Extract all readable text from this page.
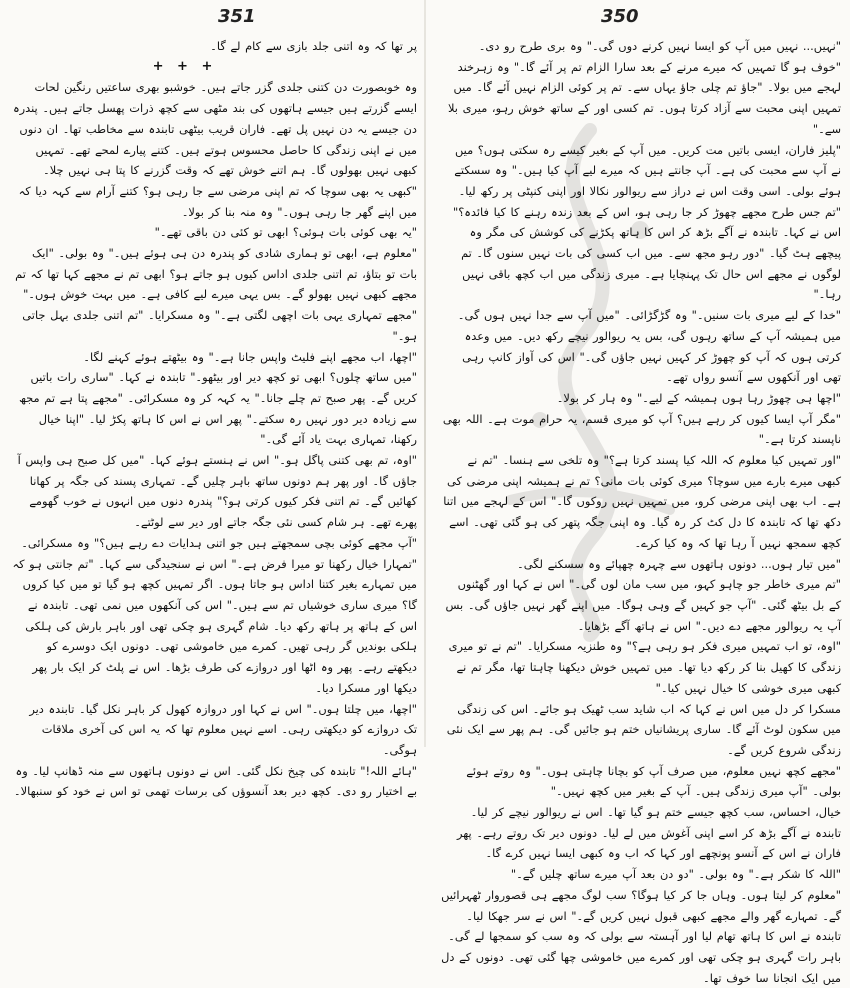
351

پر تھا کہ وہ اتنی جلد بازی سے کام لے گا۔

+ + +

وہ خوبصورت دن کتنی جلدی گزر جاتے ہیں۔ خوشبو بھری ساعتیں رنگین لحات ایسے گزرتے ہیں جیسے ہاتھوں کی بند مٹھی سے کچھ ذرات پھسل جاتے ہیں۔ پندرہ دن جیسے یہ دن نہیں پل تھے۔ فاران قریب بیٹھی تابندہ سے مخاطب تھا۔ ان دنوں میں نے اپنی زندگی کا حاصل محسوس ہوتے ہیں۔ کتنے پیارے لمحے تھے۔ تمہیں کبھی نہیں بھولوں گا۔ ہم اتنے خوش تھے کہ وقت گزرنے کا پتا ہی نہیں چلا۔

"کبھی یہ بھی سوچا کہ تم اپنی مرضی سے جا رہی ہو؟ کتنے آرام سے کہہ دیا کہ میں اپنے گھر جا رہی ہوں۔" وہ منہ بنا کر بولا۔

"یہ بھی کوئی بات ہوئی؟ ابھی تو کئی دن باقی تھے۔"

"معلوم ہے، ابھی تو ہماری شادی کو پندرہ دن ہی ہوئے ہیں۔" وہ بولی۔ "ایک بات تو بتاؤ، تم اتنی جلدی اداس کیوں ہو جاتے ہو؟ ابھی تم نے مجھے کہا تھا کہ تم مجھے کبھی نہیں بھولو گے۔ بس یہی میرے لیے کافی ہے۔ میں بہت خوش ہوں۔"

"مجھے تمہاری یہی بات اچھی لگتی ہے۔" وہ مسکرایا۔ "تم اتنی جلدی بہل جاتی ہو۔"

"اچھا، اب مجھے اپنے فلیٹ واپس جانا ہے۔" وہ بیٹھتے ہوئے کہنے لگا۔

"میں ساتھ چلوں؟ ابھی تو کچھ دیر اور بیٹھو۔" تابندہ نے کہا۔ "ساری رات باتیں کریں گے۔ پھر صبح تم چلے جانا۔" یہ کہہ کر وہ مسکرائی۔ "مجھے پتا ہے تم مجھ سے زیادہ دیر دور نہیں رہ سکتے۔" پھر اس نے اس کا ہاتھ پکڑ لیا۔ "اپنا خیال رکھنا، تمہاری بہت یاد آئے گی۔"

"اوہ، تم بھی کتنی پاگل ہو۔" اس نے ہنستے ہوئے کہا۔ "میں کل صبح ہی واپس آ جاؤں گا۔ اور پھر ہم دونوں ساتھ باہر چلیں گے۔ تمہاری پسند کی جگہ پر کھانا کھائیں گے۔ تم اتنی فکر کیوں کرتی ہو؟" پندرہ دنوں میں انہوں نے خوب گھومے پھرے تھے۔ ہر شام کسی نئی جگہ جاتے اور دیر سے لوٹتے۔

"آپ مجھے کوئی بچی سمجھتے ہیں جو اتنی ہدایات دے رہے ہیں؟" وہ مسکرائی۔

"تمہارا خیال رکھنا تو میرا فرض ہے۔" اس نے سنجیدگی سے کہا۔ "تم جانتی ہو کہ میں تمہارے بغیر کتنا اداس ہو جاتا ہوں۔ اگر تمہیں کچھ ہو گیا تو میں کیا کروں گا؟ میری ساری خوشیاں تم سے ہیں۔" اس کی آنکھوں میں نمی تھی۔ تابندہ نے اس کے ہاتھ پر ہاتھ رکھ دیا۔ شام گہری ہو چکی تھی اور باہر بارش کی ہلکی ہلکی بوندیں گر رہی تھیں۔ کمرے میں خاموشی تھی۔ دونوں ایک دوسرے کو دیکھتے رہے۔ پھر وہ اٹھا اور دروازے کی طرف بڑھا۔ اس نے پلٹ کر ایک بار پھر دیکھا اور مسکرا دیا۔

"اچھا، میں چلتا ہوں۔" اس نے کہا اور دروازہ کھول کر باہر نکل گیا۔ تابندہ دیر تک دروازے کو دیکھتی رہی۔ اسے نہیں معلوم تھا کہ یہ اس کی آخری ملاقات ہوگی۔

"ہائے اللہ!" تابندہ کی چیخ نکل گئی۔ اس نے دونوں ہاتھوں سے منہ ڈھانپ لیا۔ وہ بے اختیار رو دی۔ کچھ دیر بعد آنسوؤں کی برسات تھمی تو اس نے خود کو سنبھالا۔

350

"نہیں... نہیں میں آپ کو ایسا نہیں کرنے دوں گی۔" وہ بری طرح رو دی۔

"خوف ہو گا تمہیں کہ میرے مرنے کے بعد سارا الزام تم پر آئے گا۔" وہ زہرخند لہجے میں بولا۔ "جاؤ تم چلی جاؤ یہاں سے۔ تم پر کوئی الزام نہیں آئے گا۔ میں تمہیں اپنی محبت سے آزاد کرتا ہوں۔ تم کسی اور کے ساتھ خوش رہو، میری بلا سے۔"

"پلیز فاران، ایسی باتیں مت کریں۔ میں آپ کے بغیر کیسے رہ سکتی ہوں؟ میں نے آپ سے محبت کی ہے۔ آپ جانتے ہیں کہ میرے لیے آپ کیا ہیں۔" وہ سسکتے ہوئے بولی۔ اسی وقت اس نے دراز سے ریوالور نکالا اور اپنی کنپٹی پر رکھ لیا۔

"تم جس طرح مجھے چھوڑ کر جا رہی ہو، اس کے بعد زندہ رہنے کا کیا فائدہ؟" اس نے کہا۔ تابندہ نے آگے بڑھ کر اس کا ہاتھ پکڑنے کی کوشش کی مگر وہ پیچھے ہٹ گیا۔ "دور رہو مجھ سے۔ میں اب کسی کی بات نہیں سنوں گا۔ تم لوگوں نے مجھے اس حال تک پہنچایا ہے۔ میری زندگی میں اب کچھ باقی نہیں رہا۔"

"خدا کے لیے میری بات سنیں۔" وہ گڑگڑائی۔ "میں آپ سے جدا نہیں ہوں گی۔ میں ہمیشہ آپ کے ساتھ رہوں گی، بس یہ ریوالور نیچے رکھ دیں۔ میں وعدہ کرتی ہوں کہ آپ کو چھوڑ کر کہیں نہیں جاؤں گی۔" اس کی آواز کانپ رہی تھی اور آنکھوں سے آنسو رواں تھے۔

"اچھا ہی چھوڑ رہا ہوں ہمیشہ کے لیے۔" وہ ہار کر بولا۔

"مگر آپ ایسا کیوں کر رہے ہیں؟ آپ کو میری قسم، یہ حرام موت ہے۔ اللہ بھی ناپسند کرتا ہے۔"

"اور تمہیں کیا معلوم کہ اللہ کیا پسند کرتا ہے؟" وہ تلخی سے ہنسا۔ "تم نے کبھی میرے بارے میں سوچا؟ میری کوئی بات مانی؟ تم نے ہمیشہ اپنی مرضی کی ہے۔ اب بھی اپنی مرضی کرو، میں تمہیں نہیں روکوں گا۔" اس کے لہجے میں اتنا دکھ تھا کہ تابندہ کا دل کٹ کر رہ گیا۔ وہ اپنی جگہ پتھر کی ہو گئی تھی۔ اسے کچھ سمجھ نہیں آ رہا تھا کہ وہ کیا کرے۔

"میں تیار ہوں... دونوں ہاتھوں سے چہرہ چھپائے وہ سسکنے لگی۔

"تم میری خاطر جو چاہو کہو، میں سب مان لوں گی۔" اس نے کہا اور گھٹنوں کے بل بیٹھ گئی۔ "آپ جو کہیں گے وہی ہوگا۔ میں اپنے گھر نہیں جاؤں گی۔ بس آپ یہ ریوالور مجھے دے دیں۔" اس نے ہاتھ آگے بڑھایا۔

"اوہ، تو اب تمہیں میری فکر ہو رہی ہے؟" وہ طنزیہ مسکرایا۔ "تم نے تو میری زندگی کا کھیل بنا کر رکھ دیا تھا۔ میں تمہیں خوش دیکھنا چاہتا تھا، مگر تم نے کبھی میری خوشی کا خیال نہیں کیا۔"

مسکرا کر دل میں اس نے کہا کہ اب شاید سب ٹھیک ہو جائے۔ اس کی زندگی میں سکون لوٹ آئے گا۔ ساری پریشانیاں ختم ہو جائیں گی۔ ہم پھر سے ایک نئی زندگی شروع کریں گے۔

"مجھے کچھ نہیں معلوم، میں صرف آپ کو بچانا چاہتی ہوں۔" وہ روتے ہوئے بولی۔ "آپ میری زندگی ہیں۔ آپ کے بغیر میں کچھ نہیں۔"

خیال، احساس، سب کچھ جیسے ختم ہو گیا تھا۔ اس نے ریوالور نیچے کر لیا۔ تابندہ نے آگے بڑھ کر اسے اپنی آغوش میں لے لیا۔ دونوں دیر تک روتے رہے۔ پھر فاران نے اس کے آنسو پونچھے اور کہا کہ اب وہ کبھی ایسا نہیں کرے گا۔

"اللہ کا شکر ہے۔" وہ بولی۔ "دو دن بعد آپ میرے ساتھ چلیں گے۔"

"معلوم کر لیتا ہوں۔ وہاں جا کر کیا ہوگا؟ سب لوگ مجھے ہی قصوروار ٹھہرائیں گے۔ تمہارے گھر والے مجھے کبھی قبول نہیں کریں گے۔" اس نے سر جھکا لیا۔ تابندہ نے اس کا ہاتھ تھام لیا اور آہستہ سے بولی کہ وہ سب کو سمجھا لے گی۔ باہر رات گہری ہو چکی تھی اور کمرے میں خاموشی چھا گئی تھی۔ دونوں کے دل میں ایک انجانا سا خوف تھا۔
